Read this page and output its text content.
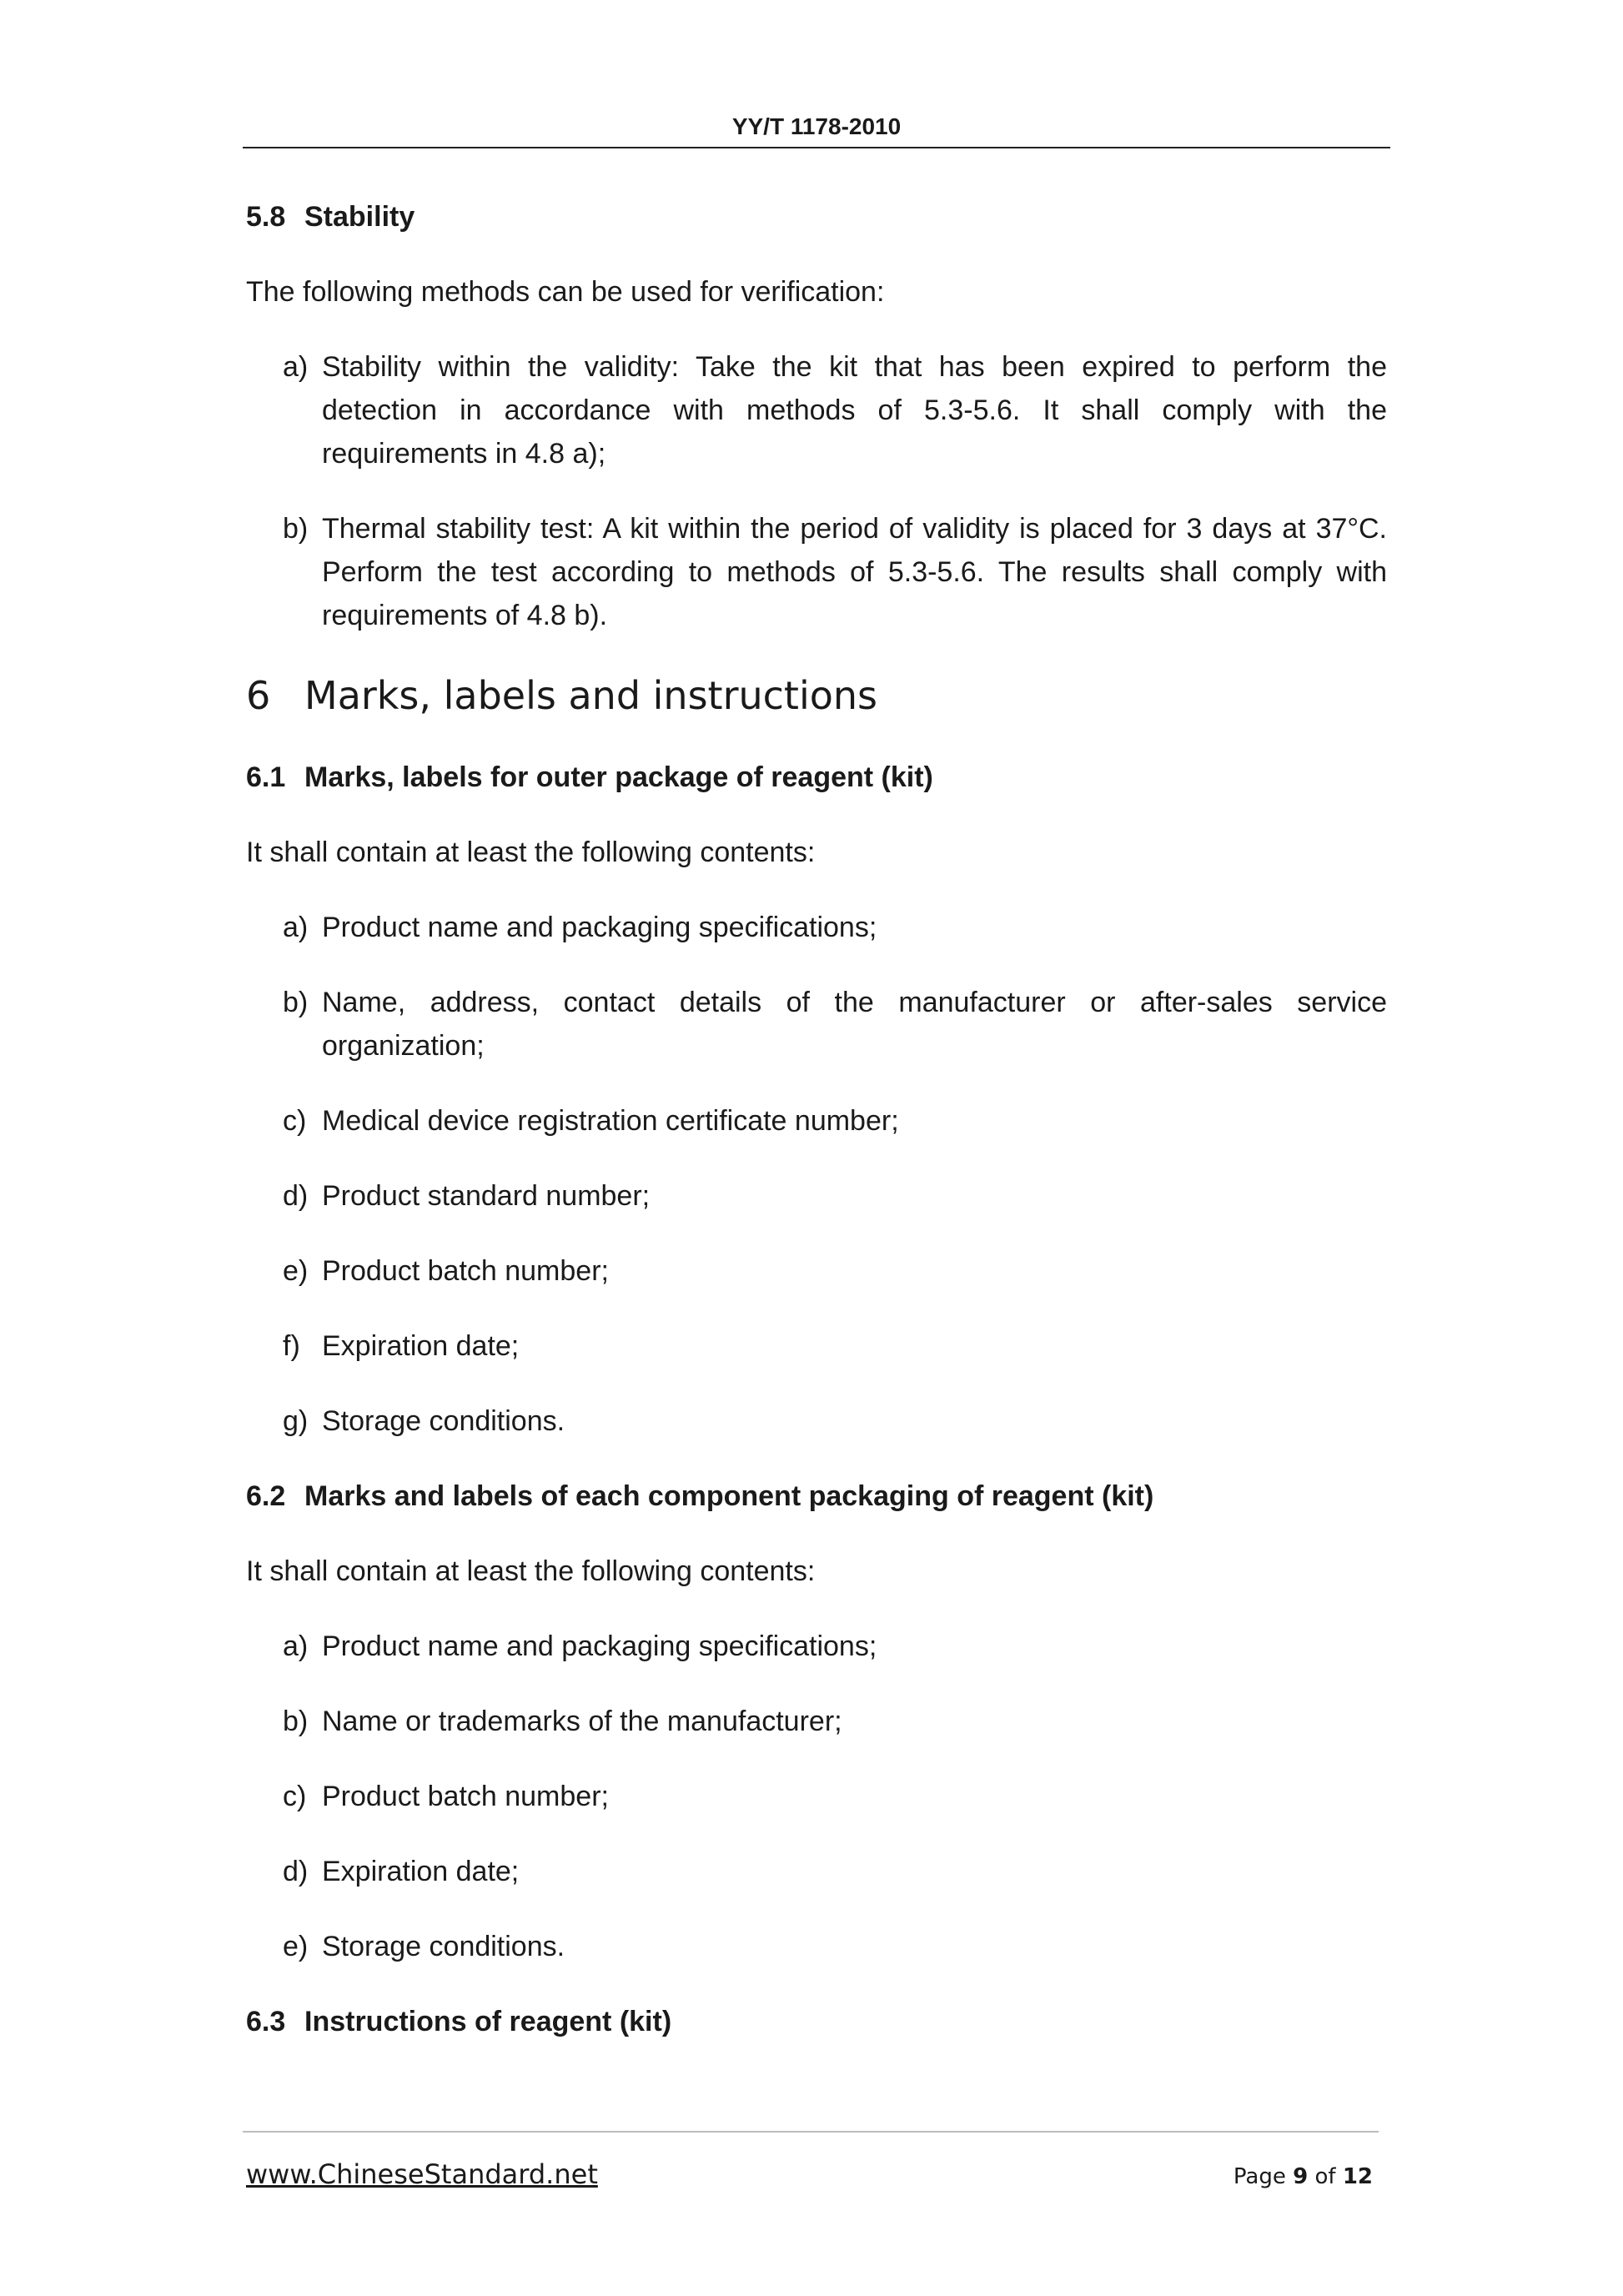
YY/T 1178-2010
5.8 Stability

The following methods can be used for verification:

a) Stability within the validity: Take the kit that has been expired to perform the detection in accordance with methods of 5.3-5.6. It shall comply with the requirements in 4.8 a);
b) Thermal stability test: A kit within the period of validity is placed for 3 days at 37°C. Perform the test according to methods of 5.3-5.6. The results shall comply with requirements of 4.8 b).
6 Marks, labels and instructions
6.1 Marks, labels for outer package of reagent (kit)

It shall contain at least the following contents:

a) Product name and packaging specifications;
b) Name, address, contact details of the manufacturer or after-sales service organization;
c) Medical device registration certificate number;
d) Product standard number;
e) Product batch number;
f) Expiration date;
g) Storage conditions.
6.2 Marks and labels of each component packaging of reagent (kit)

It shall contain at least the following contents:

a) Product name and packaging specifications;
b) Name or trademarks of the manufacturer;
c) Product batch number;
d) Expiration date;
e) Storage conditions.
6.3 Instructions of reagent (kit)
www.ChineseStandard.net	Page 9 of 12
